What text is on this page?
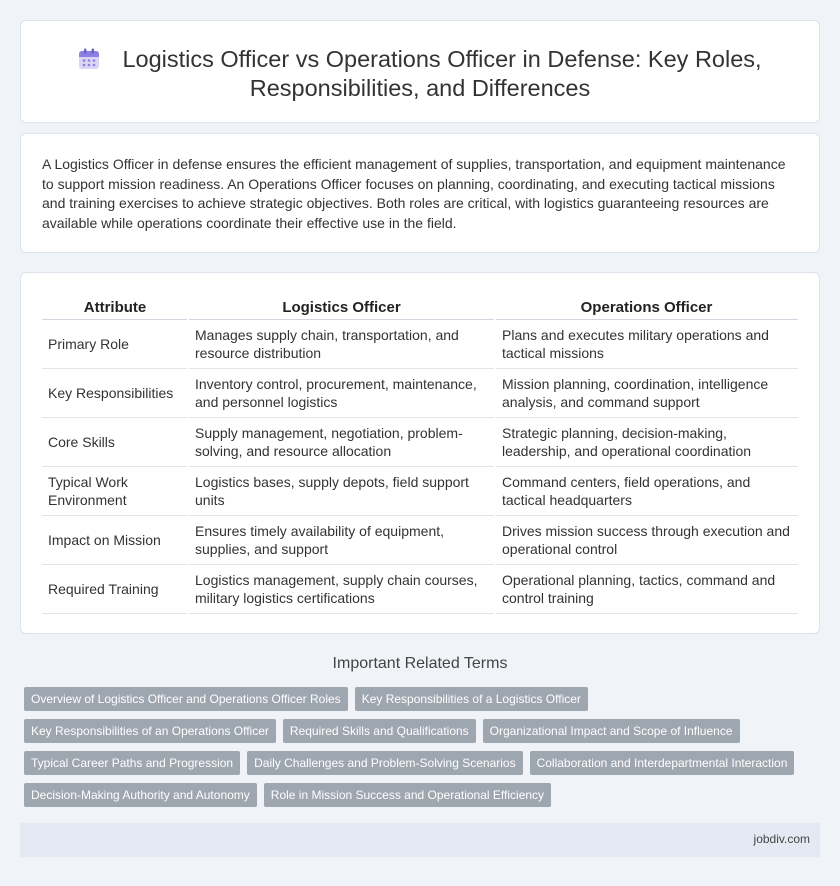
Logistics Officer vs Operations Officer in Defense: Key Roles,
Responsibilities, and Differences

A Logistics Officer in defense ensures the efficient management of supplies, transportation, and equipment maintenance to support mission readiness. An Operations Officer focuses on planning, coordinating, and executing tactical missions and training exercises to achieve strategic objectives. Both roles are critical, with logistics guaranteeing resources are available while operations coordinate their effective use in the field.

Attribute	Logistics Officer	Operations Officer
Primary Role	Manages supply chain, transportation, and resource distribution	Plans and executes military operations and tactical missions
Key Responsibilities	Inventory control, procurement, maintenance, and personnel logistics	Mission planning, coordination, intelligence analysis, and command support
Core Skills	Supply management, negotiation, problem-solving, and resource allocation	Strategic planning, decision-making, leadership, and operational coordination
Typical Work Environment	Logistics bases, supply depots, field support units	Command centers, field operations, and tactical headquarters
Impact on Mission	Ensures timely availability of equipment, supplies, and support	Drives mission success through execution and operational control
Required Training	Logistics management, supply chain courses, military logistics certifications	Operational planning, tactics, command and control training
Important Related Terms
Overview of Logistics Officer and Operations Officer Roles	Key Responsibilities of a Logistics Officer
Key Responsibilities of an Operations Officer	Required Skills and Qualifications	Organizational Impact and Scope of Influence
Typical Career Paths and Progression	Daily Challenges and Problem-Solving Scenarios	Collaboration and Interdepartmental Interaction
Decision-Making Authority and Autonomy	Role in Mission Success and Operational Efficiency
jobdiv.com
